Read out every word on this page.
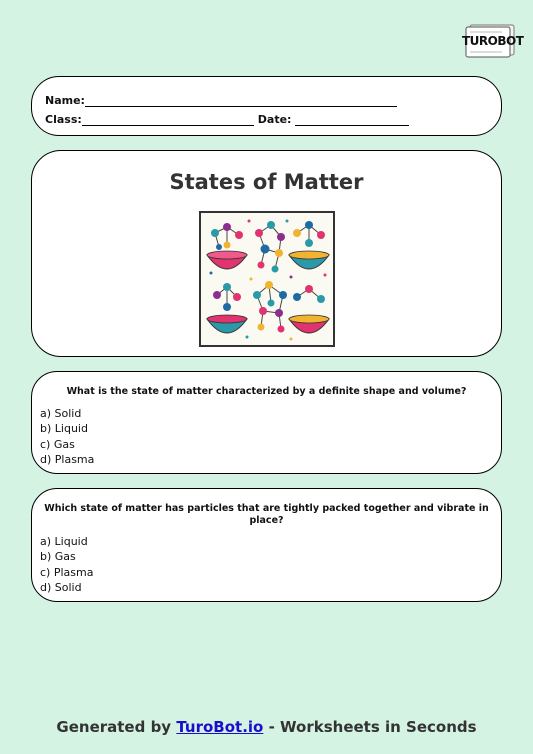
TUROBOT
Name:
Class:	Date:
States of Matter
What is the state of matter characterized by a definite shape and volume?
a) Solid
b) Liquid
c) Gas
d) Plasma
Which state of matter has particles that are tightly packed together and vibrate in place?
a) Liquid
b) Gas
c) Plasma
d) Solid
Generated by TuroBot.io - Worksheets in Seconds
